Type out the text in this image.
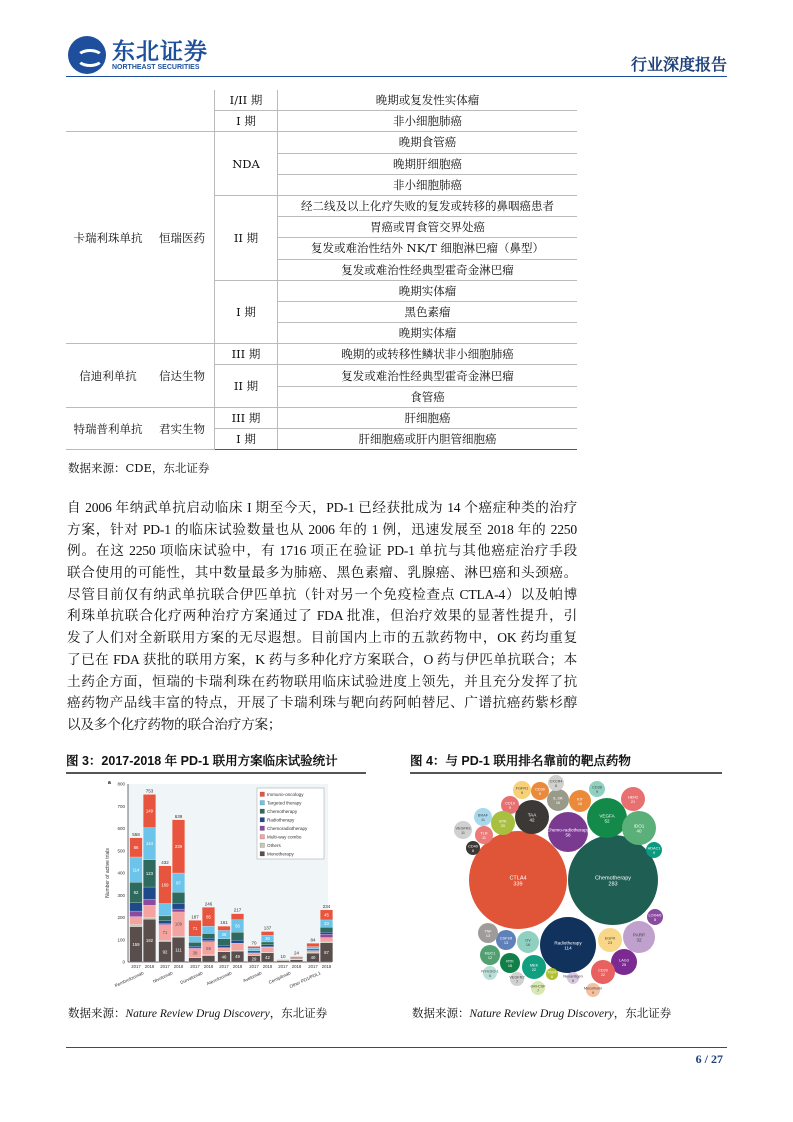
东北证券
NORTHEAST SECURITIES	行业深度报告
		I/II 期	晚期或复发性实体瘤
		I 期	非小细胞肺癌
卡瑞利珠单抗	恒瑞医药	NDA	晚期食管癌
			晚期肝细胞癌
			非小细胞肺癌
		II 期	经二线及以上化疗失败的复发或转移的鼻咽癌患者
			胃癌或胃食管交界处癌
			复发或难治性结外 NK/T 细胞淋巴瘤（鼻型）
			复发或难治性经典型霍奇金淋巴瘤
		I 期	晚期实体瘤
			黑色素瘤
			晚期实体瘤
信迪利单抗	信达生物	III 期	晚期的或转移性鳞状非小细胞肺癌
		II 期	复发或难治性经典型霍奇金淋巴瘤
			食管癌
特瑞普利单抗	君实生物	III 期	肝细胞癌
		I 期	肝细胞癌或肝内胆管细胞癌
数据来源：CDE，东北证券
自 2006 年纳武单抗启动临床 I 期至今天，PD-1 已经获批成为 14 个癌症种类的治疗
方案，针对 PD-1 的临床试验数量也从 2006 年的 1 例，迅速发展至 2018 年的 2250
例。在这 2250 项临床试验中，有 1716 项正在验证 PD-1 单抗与其他癌症治疗手段
联合使用的可能性，其中数量最多为肺癌、黑色素瘤、乳腺癌、淋巴癌和头颈癌。
尽管目前仅有纳武单抗联合伊匹单抗（针对另一个免疫检查点 CTLA-4）以及帕博
利珠单抗联合化疗两种治疗方案通过了 FDA 批准，但治疗效果的显著性提升，引
发了人们对全新联用方案的无尽遐想。目前国内上市的五款药物中，OK 药均重复
了已在 FDA 获批的联用方案，K 药与多种化疗方案联合，O 药与伊匹单抗联合；本
土药企方面，恒瑞的卡瑞利珠在药物联用临床试验进度上领先，并且充分发挥了抗
癌药物产品线丰富的特点，开展了卡瑞利珠与靶向药阿帕替尼、广谱抗癌药紫杉醇
以及多个化疗药物的联合治疗方案；
图 3：2017-2018 年 PD-1 联用方案临床试验统计	图 4：与 PD-1 联用排名靠前的靶点药物
a
0
100
200
300
400
500
600
700
800
Number of active trials
159
92
114
86
558
2017
192
123
144
149
753
2018
92
71
169
432
2017
111
109
87
239
639
2018
38
71
187
2017
59
85
246
2018
46
38
161
2017
49
56
217
2018
29
70
2017
42
30
137
2018
10
2017
24
2018
40
84
2017
87
33
45
234
2018
Pembrolizumab Nivolumab Durvalumab Atezolizumab Avelumab Cemiplimab
Other PD1/PDL1
Immuno-oncology
Targeted therapy
Chemotherapy
Radiotherapy
Chemoradiotherapy
Multi-way combo
Others
Monotherapy
CTLA4
339
Chemotherapy
283
Radiotherapy
114
Chemo-radiotherapy
58
VEGFA
52
IDO1
40
HER2
21
CD38
9
KIT
16
IL-2R
16
CXCR4
6
CD30
9
FGFR1
9
TAA
42
CD19
9
BTK
20
BRAF
11
TLR
11
VEGFRs
11
CD40
6
HDAC1
9
LOX4/6
8
PARP
32
EGFR
23
LAG3
25
CD20
22
Mesothelin
9
Neoantigen
6
TIGIT
6
MEK
22
GM-CSF
7
VEGFR2
7
RTK
15
OV
16
CSF1R
13
TNF
13
MUC1
12
NY-ESO-1
6
数据来源：Nature Review Drug Discovery，东北证券	数据来源：Nature Review Drug Discovery，东北证券
6 / 27
